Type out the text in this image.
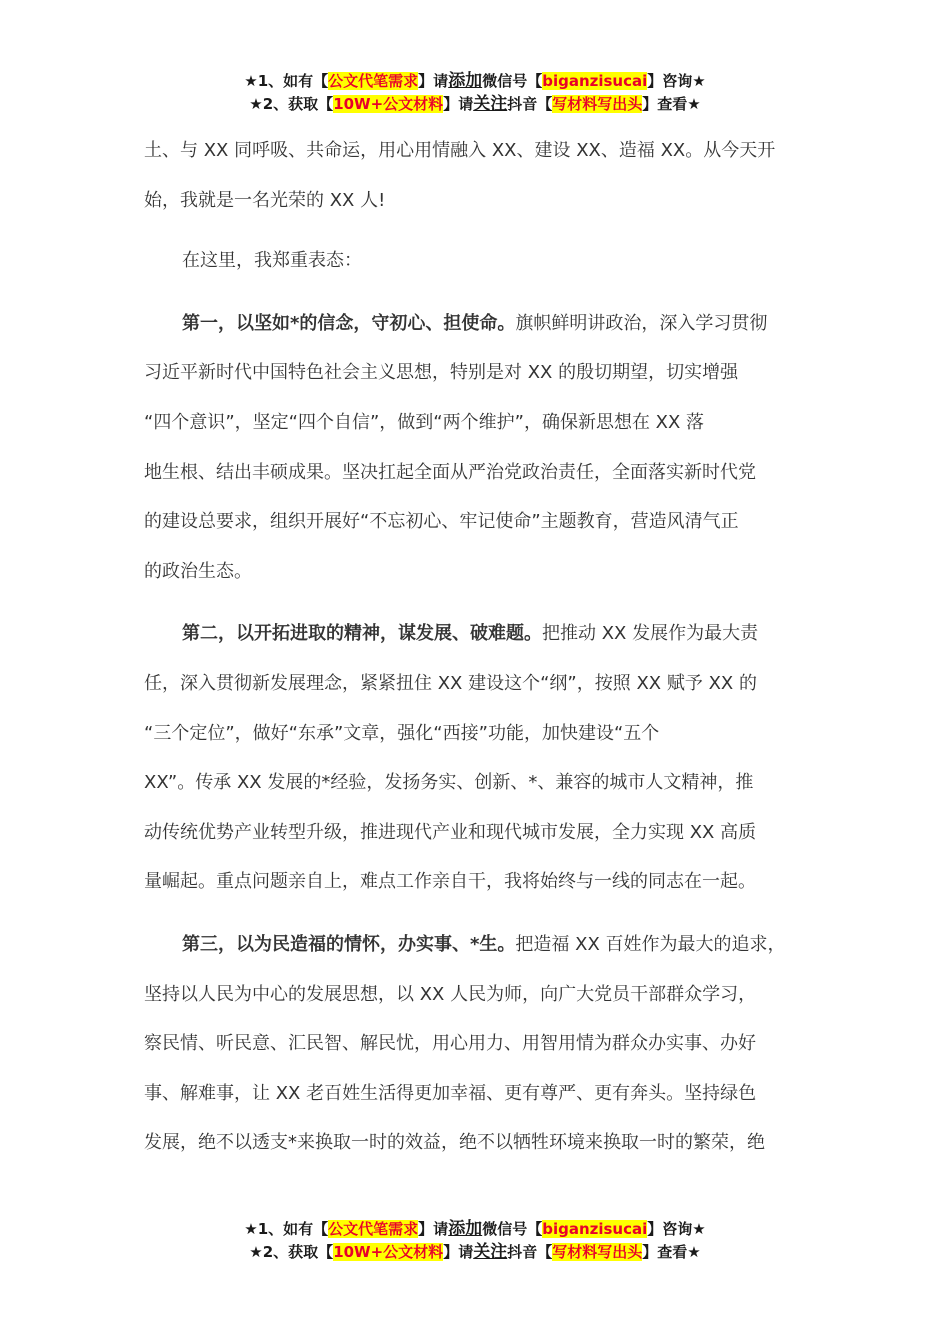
★1、如有【公文代笔需求】请添加微信号【biganzisucai】咨询★
★2、获取【10W+公文材料】请关注抖音【写材料写出头】查看★

土、与 XX 同呼吸、共命运，用心用情融入 XX、建设 XX、造福 XX。从今天开
始，我就是一名光荣的 XX 人!

在这里，我郑重表态：

第一，以坚如*的信念，守初心、担使命。旗帜鲜明讲政治，深入学习贯彻
习近平新时代中国特色社会主义思想，特别是对 XX 的殷切期望，切实增强
“四个意识”，坚定“四个自信”，做到“两个维护”，确保新思想在 XX 落
地生根、结出丰硕成果。坚决扛起全面从严治党政治责任，全面落实新时代党
的建设总要求，组织开展好“不忘初心、牢记使命”主题教育，营造风清气正
的政治生态。

第二，以开拓进取的精神，谋发展、破难题。把推动 XX 发展作为最大责
任，深入贯彻新发展理念，紧紧扭住 XX 建设这个“纲”，按照 XX 赋予 XX 的
“三个定位”，做好“东承”文章，强化“西接”功能，加快建设“五个
XX”。传承 XX 发展的*经验，发扬务实、创新、*、兼容的城市人文精神，推
动传统优势产业转型升级，推进现代产业和现代城市发展，全力实现 XX 高质
量崛起。重点问题亲自上，难点工作亲自干，我将始终与一线的同志在一起。

第三，以为民造福的情怀，办实事、*生。把造福 XX 百姓作为最大的追求，
坚持以人民为中心的发展思想，以 XX 人民为师，向广大党员干部群众学习，
察民情、听民意、汇民智、解民忧，用心用力、用智用情为群众办实事、办好
事、解难事，让 XX 老百姓生活得更加幸福、更有尊严、更有奔头。坚持绿色
发展，绝不以透支*来换取一时的效益，绝不以牺牲环境来换取一时的繁荣，绝

★1、如有【公文代笔需求】请添加微信号【biganzisucai】咨询★
★2、获取【10W+公文材料】请关注抖音【写材料写出头】查看★
